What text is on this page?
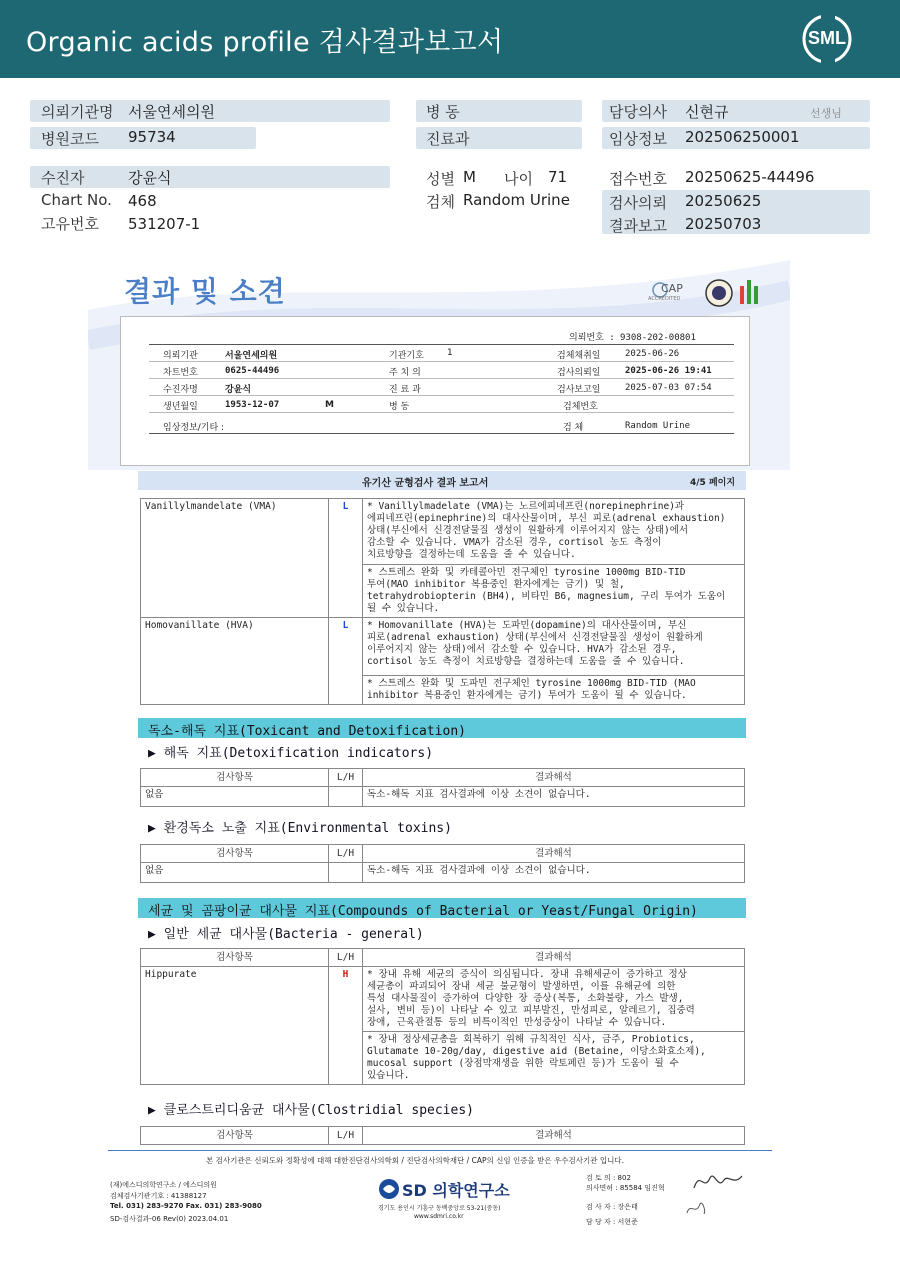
Organic acids profile 검사결과보고서	SML
의뢰기관명 서울연세의원	병 동	담당의사 신현규	선생님
병원코드 95734	진료과	임상정보 202506250001
수진자	강윤식	성별 M 나이 71	접수번호 20250625-44496
Chart No. 468	검체 Random Urine	검사의뢰 20250625
고유번호 531207-1	결과보고 20250703
결과 및 소견	CAP
ACCREDITED
의뢰번호 : 9308-202-00801
의뢰기관	서울연세의원	기관기호	1	검체채취일	2025-06-26
차트번호	0625-44496	주 치 의	검사의뢰일	2025-06-26 19:41
수진자명	강윤식	진 료 과	검사보고일	2025-07-03 07:54
생년월일	1953-12-07	M	병 동	검체번호
임상정보/기타 :	검 체	Random Urine
유기산 균형검사 결과 보고서	4/5 페이지
Vanillylmandelate (VMA)	L	* Vanillylmadelate (VMA)는 노르에피네프린(norepinephrine)과
에피네프린(epinephrine)의 대사산물이며, 부신 피로(adrenal exhaustion)
상태(부신에서 신경전달물질 생성이 원활하게 이루어지지 않는 상태)에서
감소할 수 있습니다. VMA가 감소된 경우, cortisol 농도 측정이
치료방향을 결정하는데 도움을 줄 수 있습니다.
		* 스트레스 완화 및 카테콜아민 전구체인 tyrosine 1000mg BID-TID
투여(MAO inhibitor 복용중인 환자에게는 금기) 및 철,
tetrahydrobiopterin (BH4), 비타민 B6, magnesium, 구리 투여가 도움이
될 수 있습니다.
Homovanillate (HVA)	L	* Homovanillate (HVA)는 도파민(dopamine)의 대사산물이며, 부신
피로(adrenal exhaustion) 상태(부신에서 신경전달물질 생성이 원활하게
이루어지지 않는 상태)에서 감소할 수 있습니다. HVA가 감소된 경우,
cortisol 농도 측정이 치료방향을 결정하는데 도움을 줄 수 있습니다.
		* 스트레스 완화 및 도파민 전구체인 tyrosine 1000mg BID-TID (MAO
inhibitor 복용중인 환자에게는 금기) 투여가 도움이 될 수 있습니다.
독소-해독 지표(Toxicant and Detoxification)
▶ 해독 지표(Detoxification indicators)
검사항목	L/H	결과해석
없음		독소-해독 지표 검사결과에 이상 소견이 없습니다.
▶ 환경독소 노출 지표(Environmental toxins)
검사항목	L/H	결과해석
없음		독소-해독 지표 검사결과에 이상 소견이 없습니다.
세균 및 곰팡이균 대사물 지표(Compounds of Bacterial or Yeast/Fungal Origin)
▶ 일반 세균 대사물(Bacteria - general)
검사항목	L/H	결과해석
Hippurate	H	* 장내 유해 세균의 증식이 의심됩니다. 장내 유해세균이 증가하고 정상
세균총이 파괴되어 장내 세균 불균형이 발생하면, 이를 유해균에 의한
특성 대사물질이 증가하여 다양한 장 증상(복통, 소화불량, 가스 발생,
설사, 변비 등)이 나타날 수 있고 피부발진, 만성피로, 알레르기, 집중력
장애, 근육관절통 등의 비특이적인 만성증상이 나타날 수 있습니다.
		* 장내 정상세균총을 회복하기 위해 규칙적인 식사, 금주, Probiotics,
Glutamate 10-20g/day, digestive aid (Betaine, 이당소화효소제),
mucosal support (장점막재생을 위한 락토페린 등)가 도움이 될 수
있습니다.
▶ 클로스트리디움균 대사물(Clostridial species)
검사항목	L/H	결과해석
본 검사기관은 신뢰도와 정확성에 대해 대한진단검사의학회 / 진단검사의학재단 / CAP의 신임 인증을 받은 우수검사기관 입니다.
(재)에스디의학연구소 / 에스디의원
검체검사기관기호 : 41388127
Tel. 031) 283-9270 Fax. 031) 283-9080
SD-검사결과-06 Rev(0) 2023.04.01
SD 의학연구소
경기도 용인시 기흥구 동백중앙로 53-21(중동)
www.sdmri.co.kr
검 토 의 : 802
의사면허 : 85584 임진혁
검 사 자 : 장은태
담 당 자 : 서현준
